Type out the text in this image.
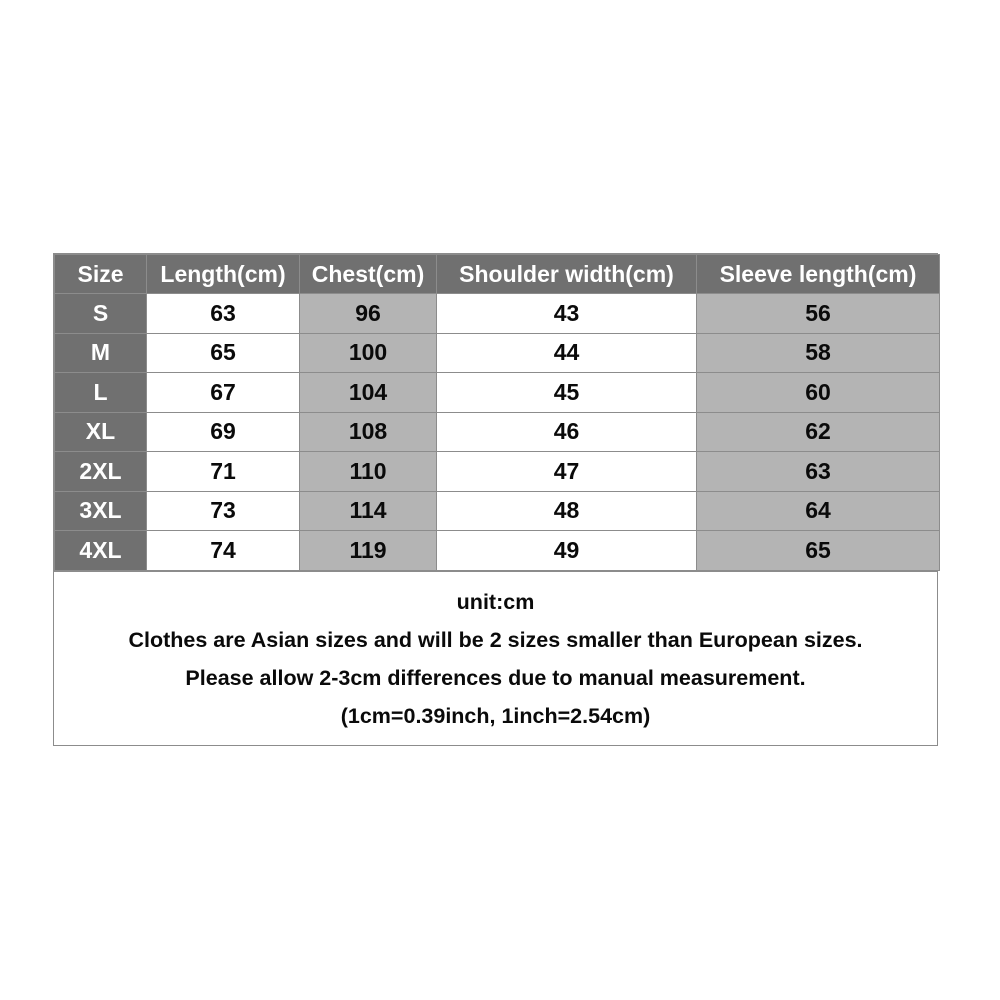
Size	Length(cm)	Chest(cm)	Shoulder width(cm)	Sleeve length(cm)
S	63	96	43	56
M	65	100	44	58
L	67	104	45	60
XL	69	108	46	62
2XL	71	110	47	63
3XL	73	114	48	64
4XL	74	119	49	65

unit:cm

Clothes are Asian sizes and will be 2 sizes smaller than European sizes.

Please allow 2-3cm differences due to manual measurement.

(1cm=0.39inch, 1inch=2.54cm)
